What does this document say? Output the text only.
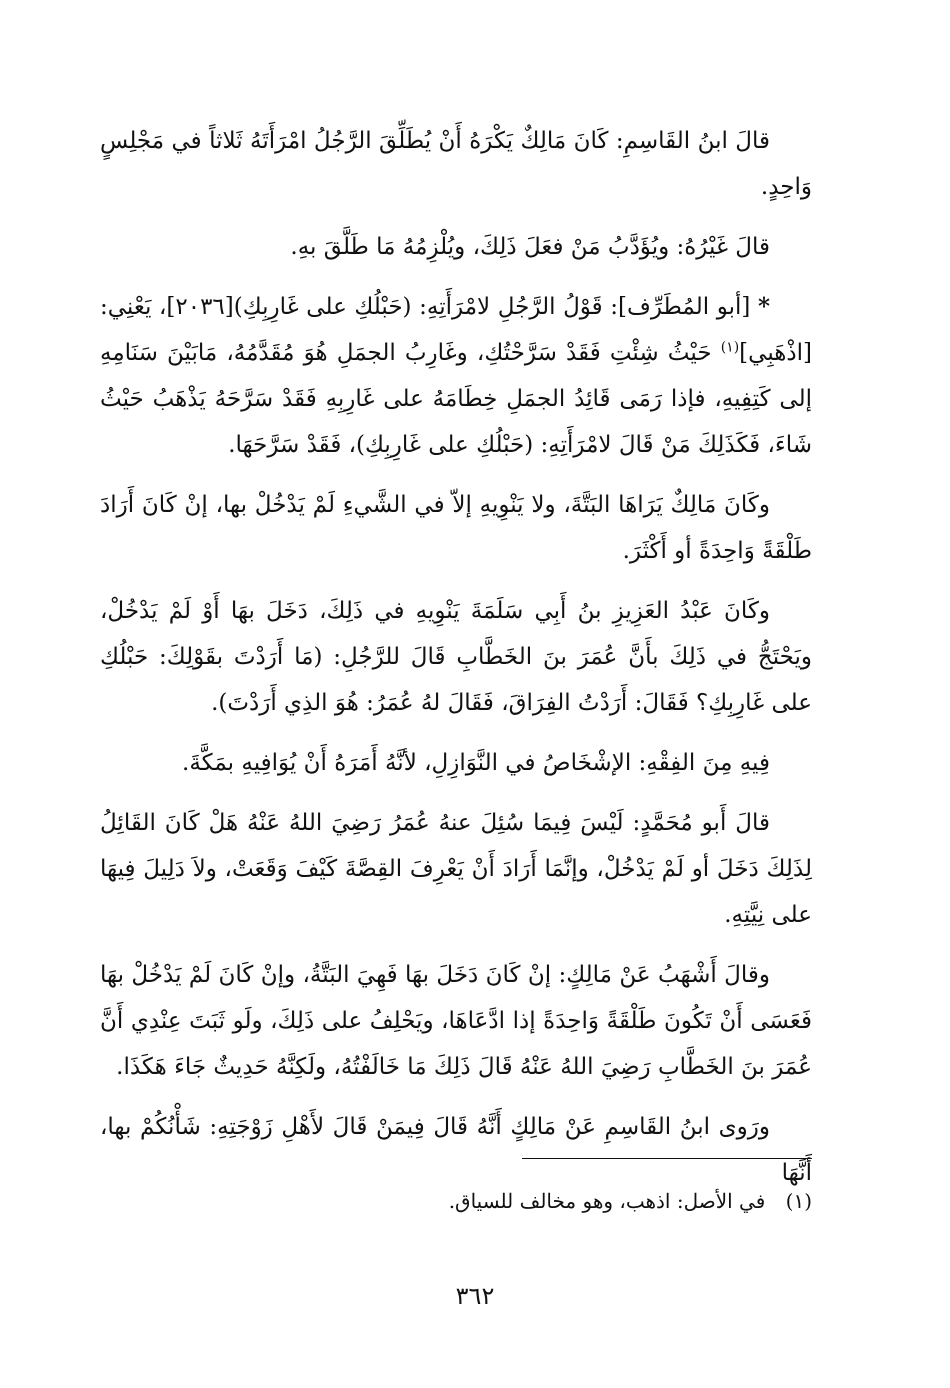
قالَ ابنُ القَاسِمِ: كَانَ مَالِكٌ يَكْرَهُ أَنْ يُطَلِّقَ الرَّجُلُ امْرَأَتَهُ ثَلاثاً في مَجْلِسٍ وَاحِدٍ.

قالَ غَيْرُهُ: ويُؤَدَّبُ مَنْ فعَلَ ذَلِكَ، ويُلْزِمُهُ مَا طَلَّقَ بهِ.

* [أبو المُطَرِّف]: قَوْلُ الرَّجُلِ لامْرَأَتِهِ: (حَبْلُكِ على غَارِبِكِ)[٢٠٣٦]، يَعْنِي: [اذْهَبِي]$^{(١)}$ حَيْثُ شِئْتِ فَقَدْ سَرَّحْتُكِ، وغَارِبُ الجمَلِ هُوَ مُقَدَّمُهُ، مَابَيْنَ سَنَامِهِ إلى كَتِفِيهِ، فإذا رَمَى قَائِدُ الجمَلِ خِطَامَهُ على غَارِبِهِ فَقَدْ سَرَّحَهُ يَذْهَبُ حَيْثُ شَاءَ، فَكَذَلِكَ مَنْ قَالَ لامْرَأَتِهِ: (حَبْلُكِ على غَارِبِكِ)، فَقَدْ سَرَّحَهَا.

وكَانَ مَالِكٌ يَرَاهَا البَتَّةَ، ولا يَنْوِيهِ إلاّ في الشَّيءِ لَمْ يَدْخُلْ بها، إنْ كَانَ أَرَادَ طَلْقَةً وَاحِدَةً أو أَكْثَرَ.

وكَانَ عَبْدُ العَزِيزِ بنُ أَبِي سَلَمَةَ يَنْوِيهِ في ذَلِكَ، دَخَلَ بهَا أَوْ لَمْ يَدْخُلْ، ويَحْتَجُّ في ذَلِكَ بأَنَّ عُمَرَ بنَ الخَطَّابِ قَالَ للرَّجُلِ: (مَا أَرَدْتَ بقَوْلِكَ: حَبْلُكِ على غَارِبِكِ؟ فَقَالَ: أَرَدْتُ الفِرَاقَ، فَقَالَ لهُ عُمَرُ: هُوَ الذِي أَرَدْتَ).

فِيهِ مِنَ الفِقْهِ: الإشْخَاصُ في النَّوَازِلِ، لأنَّهُ أَمَرَهُ أَنْ يُوَافِيهِ بمَكَّةَ.

قالَ أَبو مُحَمَّدٍ: لَيْسَ فِيمَا سُئِلَ عنهُ عُمَرُ رَضِيَ اللهُ عَنْهُ هَلْ كَانَ القَائِلُ لِذَلِكَ دَخَلَ أو لَمْ يَدْخُلْ، وإنَّمَا أَرَادَ أَنْ يَعْرِفَ القِصَّةَ كَيْفَ وَقَعَتْ، ولاَ دَلِيلَ فِيهَا على نِيَّتِهِ.

وقالَ أَشْهَبُ عَنْ مَالِكٍ: إنْ كَانَ دَخَلَ بهَا فَهِيَ البَتَّةُ، وإنْ كَانَ لَمْ يَدْخُلْ بهَا فَعَسَى أَنْ تَكُونَ طَلْقَةً وَاحِدَةً إذا ادَّعَاهَا، ويَحْلِفُ على ذَلِكَ، ولَو ثَبَتَ عِنْدِي أَنَّ عُمَرَ بنَ الخَطَّابِ رَضِيَ اللهُ عَنْهُ قَالَ ذَلِكَ مَا خَالَفْتُهُ، ولَكِنَّهُ حَدِيثٌ جَاءَ هَكَذَا.

ورَوى ابنُ القَاسِمِ عَنْ مَالِكٍ أَنَّهُ قَالَ فِيمَنْ قَالَ لأَهْلِ زَوْجَتِهِ: شَأْنُكُمْ بها، أَنَّهَا

(١) في الأصل: اذهب، وهو مخالف للسياق.
٣٦٢
